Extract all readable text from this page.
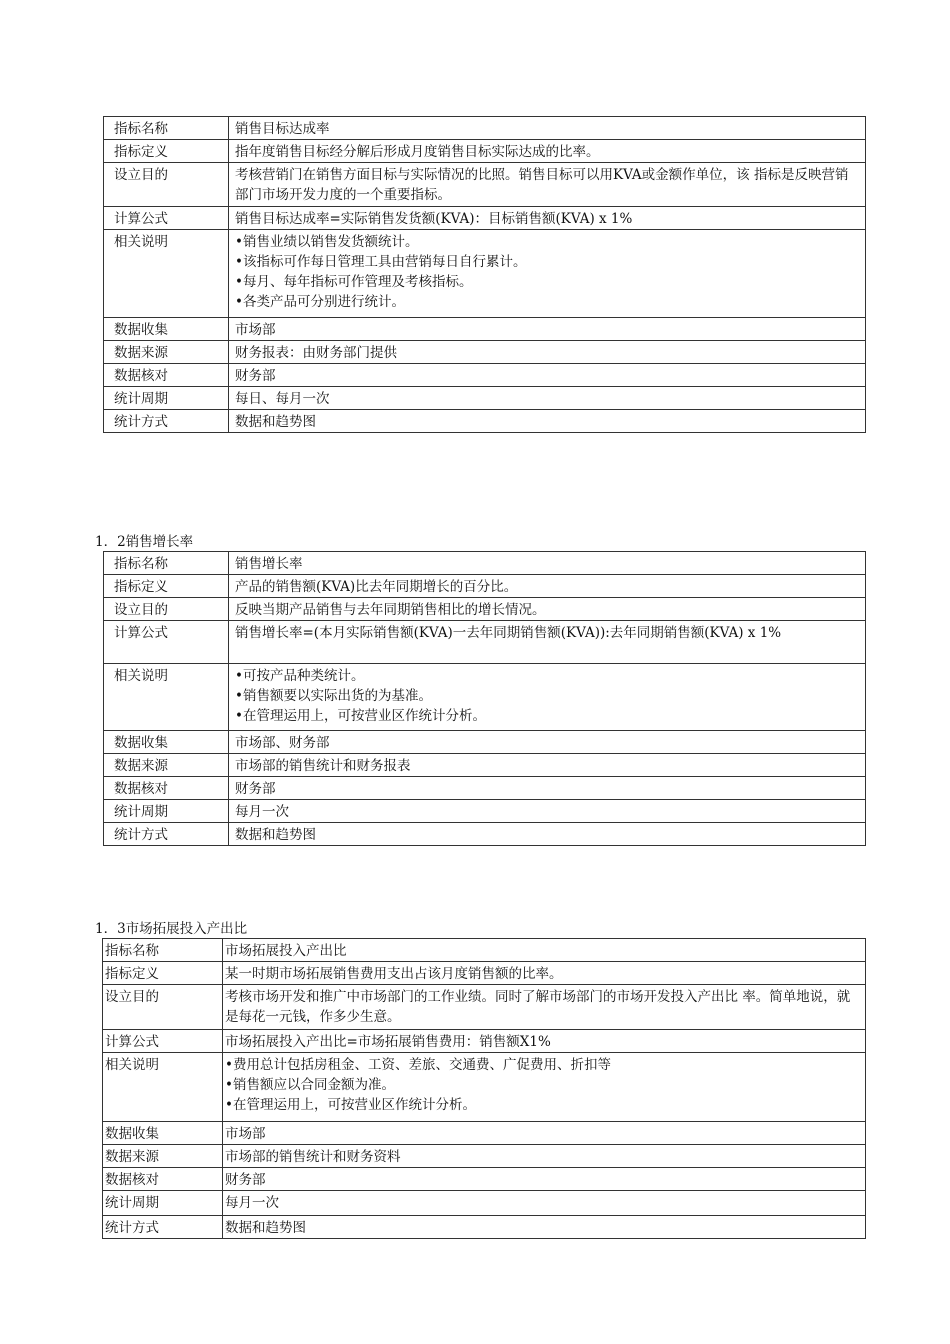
指标名称	销售目标达成率
指标定义	指年度销售目标经分解后形成月度销售目标实际达成的比率。
设立目的	考核营销门在销售方面目标与实际情况的比照。销售目标可以用KVA或金额作单位，该 指标是反映营销部门市场开发力度的一个重要指标。
计算公式	销售目标达成率=实际销售发货额(KVA)：目标销售额(KVA) x 1%
相关说明	•销售业绩以销售发货额统计。
•该指标可作每日管理工具由营销每日自行累计。
•每月、每年指标可作管理及考核指标。
•各类产品可分别进行统计。

数据收集	市场部
数据来源	财务报表：由财务部门提供
数据核对	财务部
统计周期	每日、每月一次
统计方式	数据和趋势图
1．2销售增长率
指标名称	销售增长率
指标定义	产品的销售额(KVA)比去年同期增长的百分比。
设立目的	反映当期产品销售与去年同期销售相比的增长情况。
计算公式	销售增长率=(本月实际销售额(KVA)一去年同期销售额(KVA)):去年同期销售额(KVA) x 1%
相关说明	•可按产品种类统计。
•销售额要以实际出货的为基准。
•在管理运用上，可按营业区作统计分析。

数据收集	市场部、财务部
数据来源	市场部的销售统计和财务报表
数据核对	财务部
统计周期	每月一次
统计方式	数据和趋势图
1．3市场拓展投入产出比
指标名称	市场拓展投入产出比
指标定义	某一时期市场拓展销售费用支出占该月度销售额的比率。
设立目的	考核市场开发和推广中市场部门的工作业绩。同时了解市场部门的市场开发投入产出比 率。简单地说，就是每花一元钱，作多少生意。
计算公式	市场拓展投入产出比=市场拓展销售费用：销售额X1%
相关说明	•费用总计包括房租金、工资、差旅、交通费、广促费用、折扣等
•销售额应以合同金额为准。
•在管理运用上，可按营业区作统计分析。

数据收集	市场部
数据来源	市场部的销售统计和财务资料
数据核对	财务部
统计周期	每月一次
统计方式	数据和趋势图
